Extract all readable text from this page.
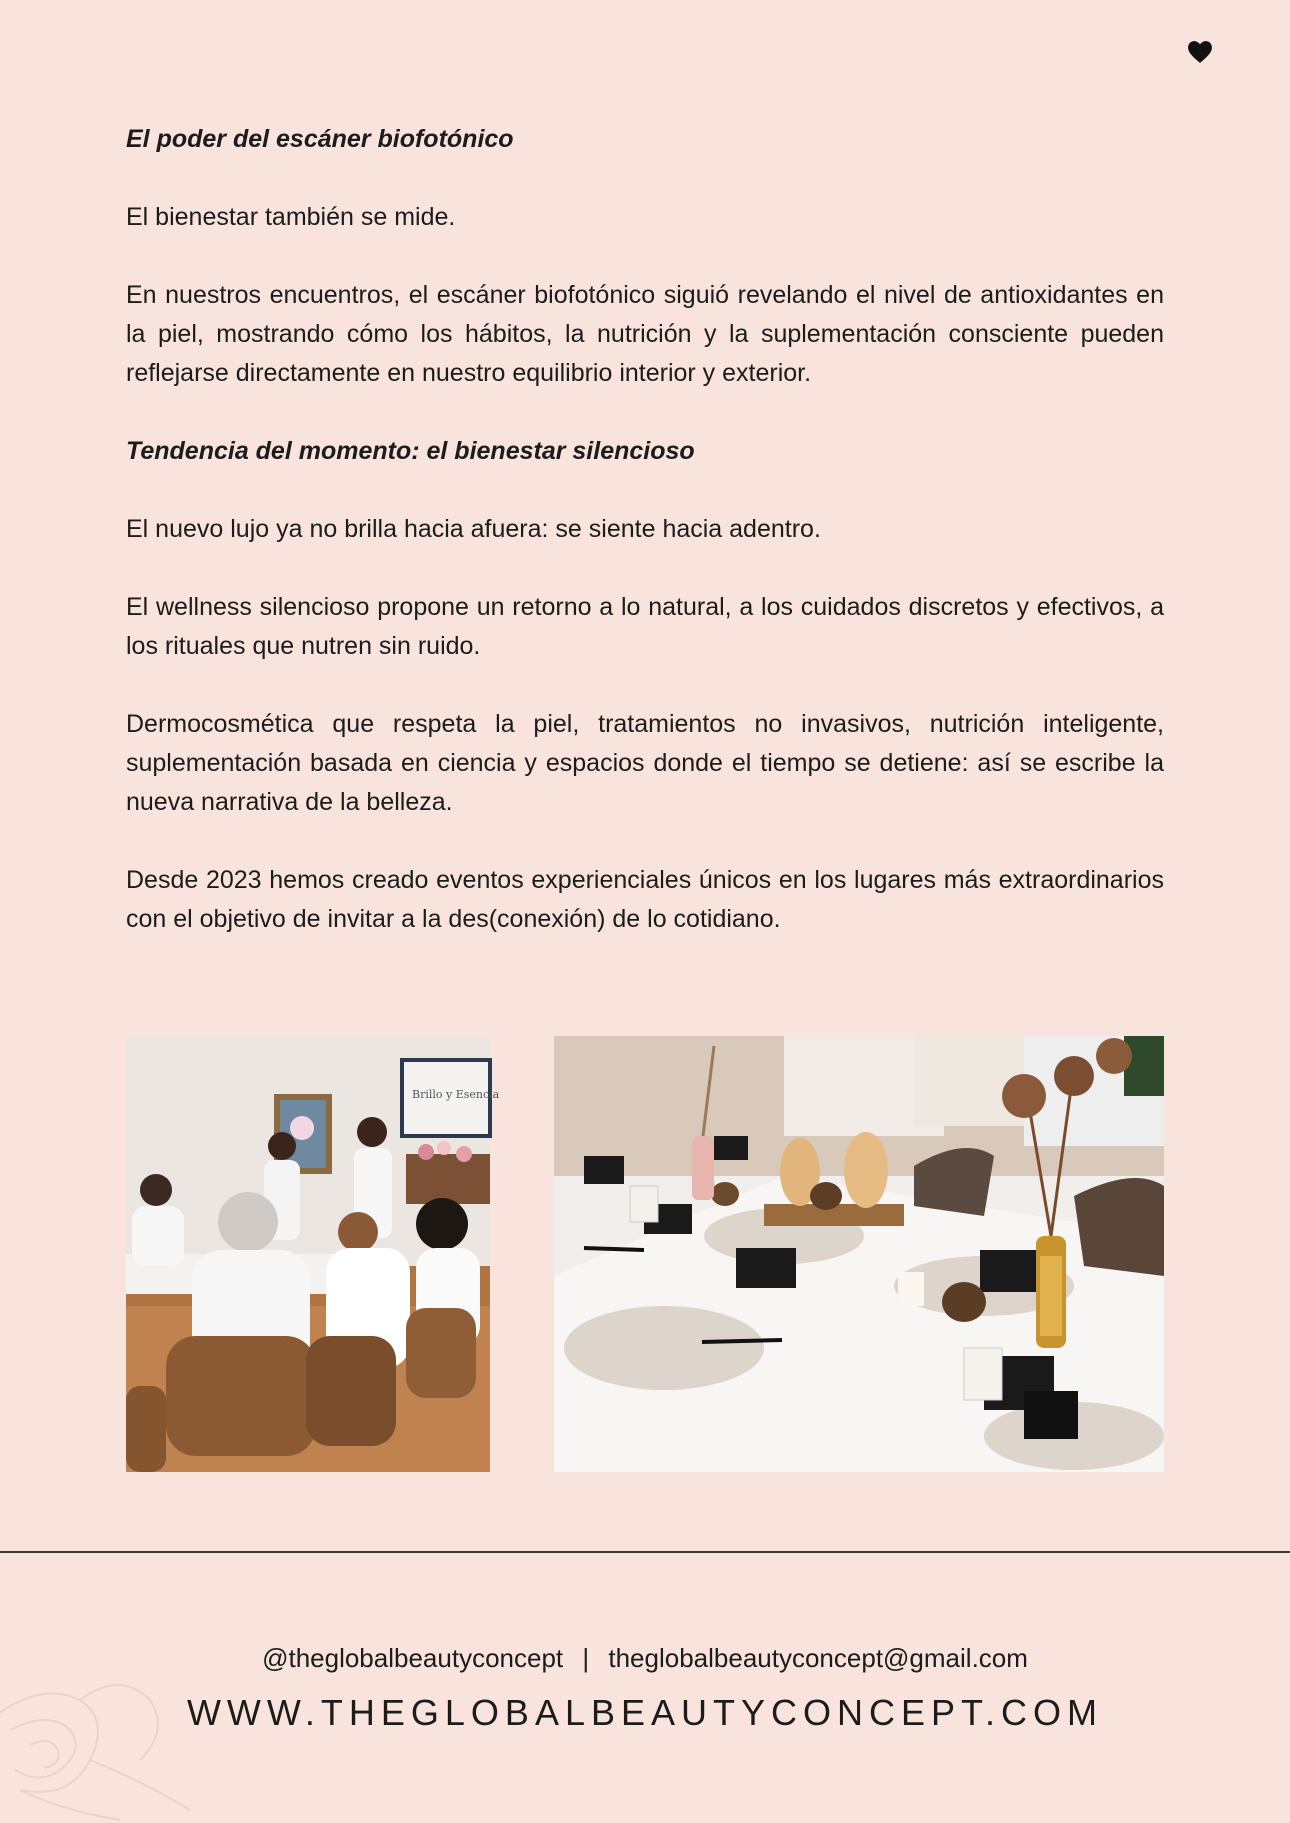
El poder del escáner biofotónico

El bienestar también se mide.

En nuestros encuentros, el escáner biofotónico siguió revelando el nivel de antioxidantes en la piel, mostrando cómo los hábitos, la nutrición y la suplementación consciente pueden reflejarse directamente en nuestro equilibrio interior y exterior.

Tendencia del momento: el bienestar silencioso

El nuevo lujo ya no brilla hacia afuera: se siente hacia adentro.

El wellness silencioso propone un retorno a lo natural, a los cuidados discretos y efectivos, a los rituales que nutren sin ruido.

Dermocosmética que respeta la piel, tratamientos no invasivos, nutrición inteligente, suplementación basada en ciencia y espacios donde el tiempo se detiene: así se escribe la nueva narrativa de la belleza.

Desde 2023 hemos creado eventos experienciales únicos en los lugares más extraordinarios con el objetivo de invitar a la des(conexión) de lo cotidiano.

Brillo y Esencia
@theglobalbeautyconcept | theglobalbeautyconcept@gmail.com
WWW.THEGLOBALBEAUTYCONCEPT.COM
